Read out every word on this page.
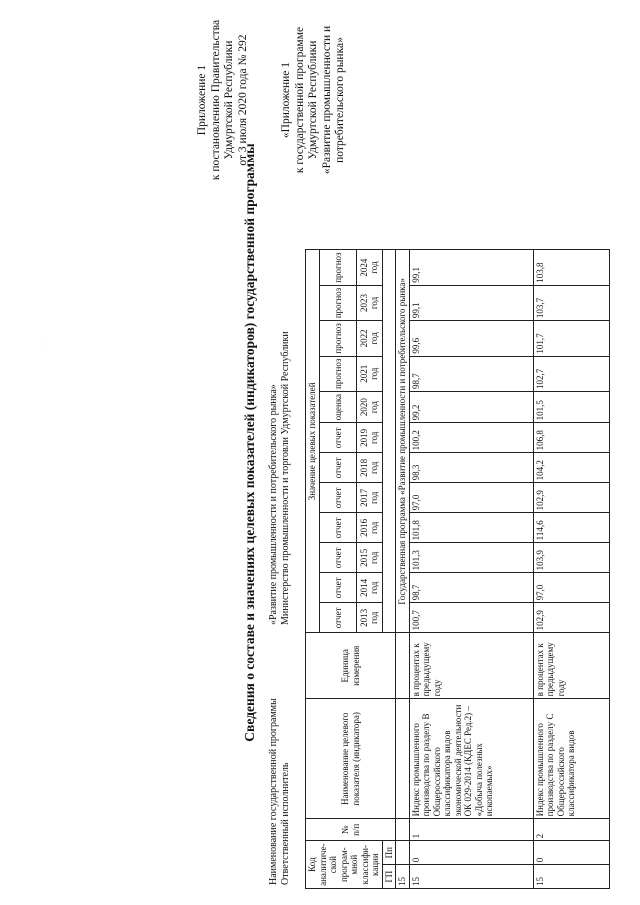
Приложение 1 к постановлению Правительства Удмуртской Республики от 3 июля 2020 года № 292	«Приложение 1 к государственной программе Удмуртской Республики «Развитие промышленности и потребительского рынка»
·	Сведения о составе и значениях целевых показателей (индикаторов) государственной программы
Наименование государственной программы
«Развитие промышленности и потребительского рынка»
Ответственный исполнитель
Министерство промышленности и торговли Удмуртской Республики
Код аналитической программной классификации		№ п/п	Наименование целевого показателя (индикатора)	Единица измерения	Значение целевых показателей											
					отчет	отчет	отчет	отчет	отчет	отчет	отчет	оценка	прогноз	прогноз	прогноз	прогноз
					2013 год	2014 год	2015 год	2016 год	2017 год	2018 год	2019 год	2020 год	2021 год	2022 год	2023 год	2024 год
ГП	Пп															
15					Государственная программа «Развитие промышленности и потребительского рынка»											
15	0	1	Индекс промышленного производства по разделу B Общероссийского классификатора видов экономической деятельности ОК 029-2014 (КДЕС Ред.2) – «Добыча полезных ископаемых»	в процентах к предыдущему году	100,7	98,7	101,3	101,8	97,0	98,3	100,2	99,2	98,7	99,6	99,1	99,1
15	0	2	Индекс промышленного производства по разделу C Общероссийского классификатора видов	в процентах к предыдущему году	102,9	97,0	103,9	114,6	102,9	104,2	106,8	101,5	102,7	101,7	103,7	103,8
